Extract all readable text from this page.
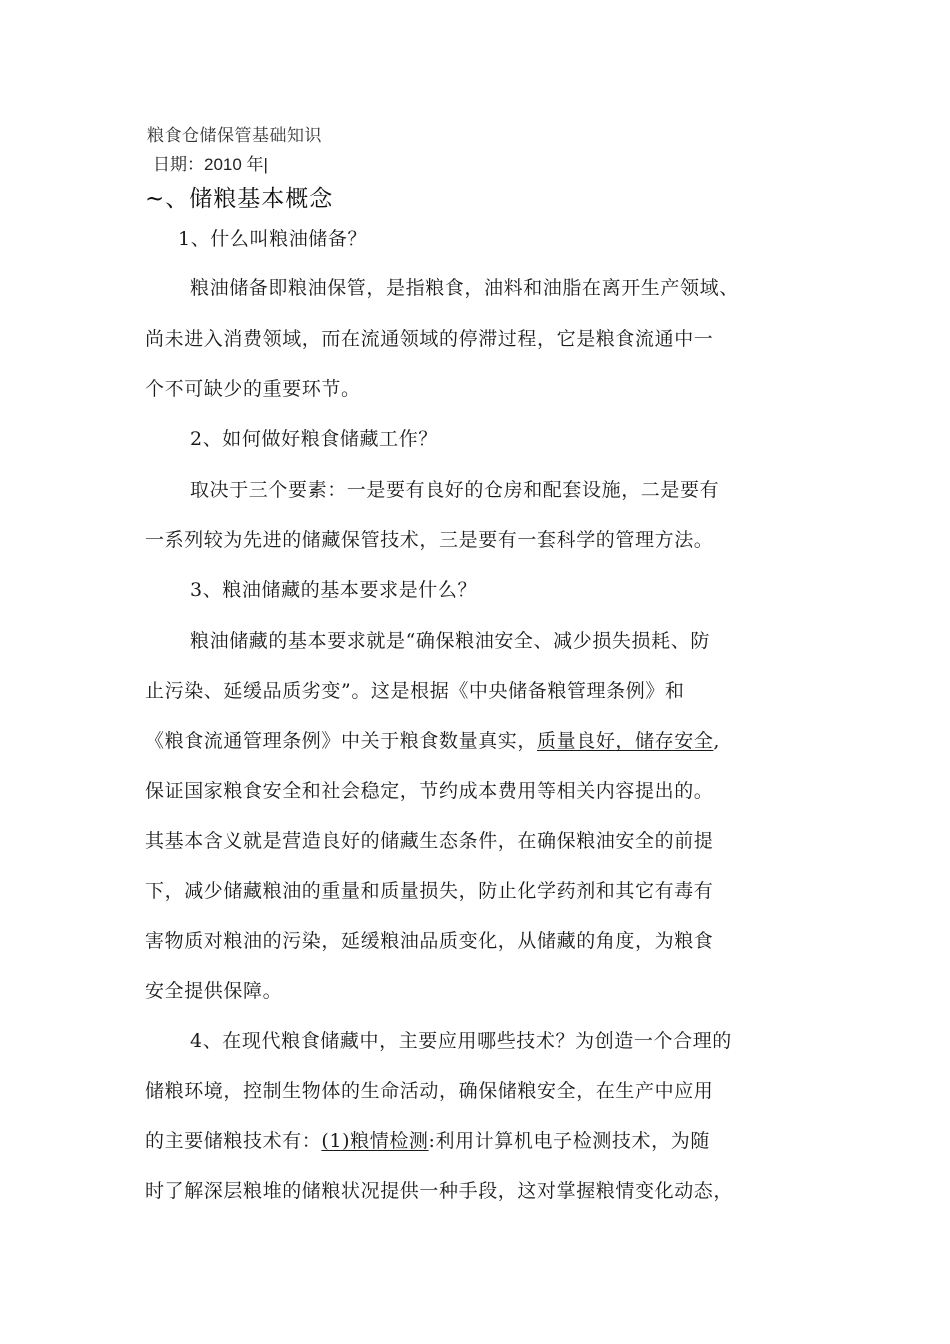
粮食仓储保管基础知识
日期：2010 年|
~、储粮基本概念
1、什么叫粮油储备？
粮油储备即粮油保管，是指粮食，油料和油脂在离开生产领域、
尚未进入消费领域，而在流通领域的停滞过程，它是粮食流通中一
个不可缺少的重要环节。
2、如何做好粮食储藏工作？
取决于三个要素：一是要有良好的仓房和配套设施，二是要有
一系列较为先进的储藏保管技术，三是要有一套科学的管理方法。
3、粮油储藏的基本要求是什么？
粮油储藏的基本要求就是“确保粮油安全、减少损失损耗、防
止污染、延缓品质劣变”。这是根据《中央储备粮管理条例》和
《粮食流通管理条例》中关于粮食数量真实，质量良好，储存安全,
保证国家粮食安全和社会稳定，节约成本费用等相关内容提出的。
其基本含义就是营造良好的储藏生态条件，在确保粮油安全的前提
下，减少储藏粮油的重量和质量损失，防止化学药剂和其它有毒有
害物质对粮油的污染，延缓粮油品质变化，从储藏的角度，为粮食
安全提供保障。
4、在现代粮食储藏中，主要应用哪些技术？为创造一个合理的
储粮环境，控制生物体的生命活动，确保储粮安全，在生产中应用
的主要储粮技术有：(1)粮情检测:利用计算机电子检测技术，为随
时了解深层粮堆的储粮状况提供一种手段，这对掌握粮情变化动态，
